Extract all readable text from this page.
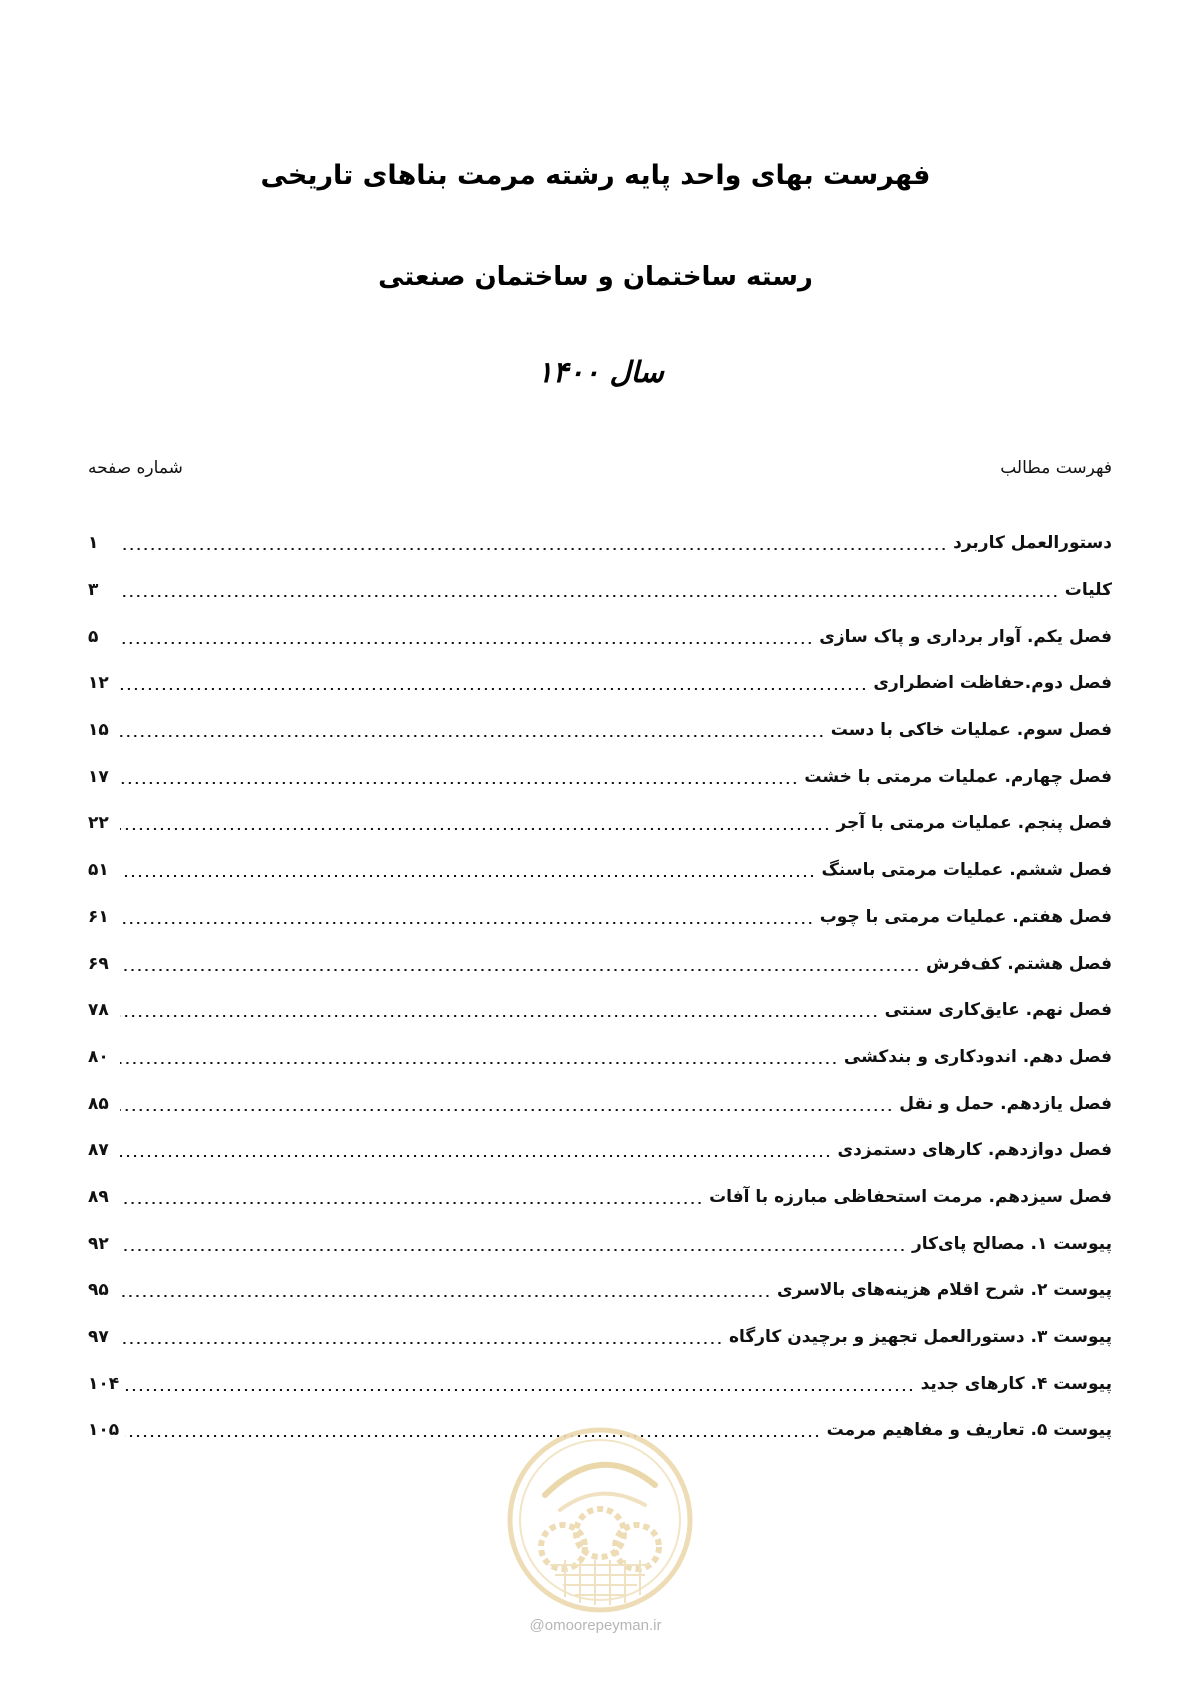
فهرست بهای واحد پایه رشته مرمت بناهای تاریخی
رسته ساختمان و ساختمان صنعتی
سال۱۴۰۰
فهرست مطالب
شماره صفحه
دستورالعمل کاربرد
۱
کلیات
۳
فصل یکم. آوار برداری و پاک سازی
۵
فصل دوم.حفاظت اضطراری
۱۲
فصل سوم. عملیات خاکی با دست
۱۵
فصل چهارم. عملیات مرمتی با خشت
۱۷
فصل پنجم. عملیات مرمتی با آجر
۲۲
فصل ششم. عملیات مرمتی باسنگ
۵۱
فصل هفتم. عملیات مرمتی با چوب
۶۱
فصل هشتم. کف‌فرش
۶۹
فصل نهم. عایق‌کاری سنتی
۷۸
فصل دهم. اندودکاری و بندکشی
۸۰
فصل یازدهم. حمل و نقل
۸۵
فصل دوازدهم. کارهای دستمزدی
۸۷
فصل سیزدهم. مرمت استحفاظی مبارزه با آفات
۸۹
پیوست ۱. مصالح پای‌کار
۹۲
پیوست ۲. شرح اقلام هزینه‌های بالاسری
۹۵
پیوست ۳. دستورالعمل تجهیز و برچیدن کارگاه
۹۷
پیوست ۴. کارهای جدید
۱۰۴
پیوست ۵. تعاریف و مفاهیم مرمت
۱۰۵
@omoorepeyman.ir
